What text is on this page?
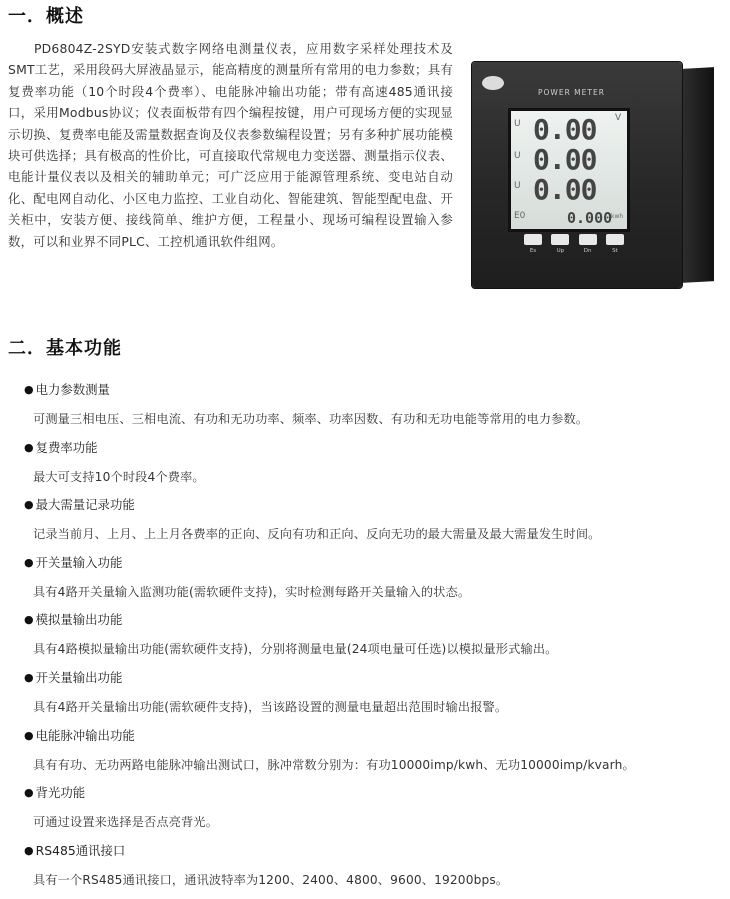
一．概述

PD6804Z-2SYD安装式数字网络电测量仪表，应用数字采样处理技术及SMT工艺，采用段码大屏液晶显示，能高精度的测量所有常用的电力参数；具有复费率功能（10个时段4个费率）、电能脉冲输出功能；带有高速485通讯接口，采用Modbus协议；仪表面板带有四个编程按键，用户可现场方便的实现显示切换、复费率电能及需量数据查询及仪表参数编程设置；另有多种扩展功能模块可供选择；具有极高的性价比，可直接取代常规电力变送器、测量指示仪表、电能计量仪表以及相关的辅助单元；可广泛应用于能源管理系统、变电站自动化、配电网自动化、小区电力监控、工业自动化、智能建筑、智能型配电盘、开关柜中，安装方便、接线简单、维护方便，工程量小、现场可编程设置输入参数，可以和业界不同PLC、工控机通讯软件组网。

POWER METER
U 0.00 V
U 0.00
U 0.00
E0	0.000
kwh
Es	Up	Dn	St
二．基本功能
● 电力参数测量
可测量三相电压、三相电流、有功和无功功率、频率、功率因数、有功和无功电能等常用的电力参数。
● 复费率功能
最大可支持10个时段4个费率。
● 最大需量记录功能
记录当前月、上月、上上月各费率的正向、反向有功和正向、反向无功的最大需量及最大需量发生时间。
● 开关量输入功能
具有4路开关量输入监测功能(需软硬件支持)，实时检测每路开关量输入的状态。
● 模拟量输出功能
具有4路模拟量输出功能(需软硬件支持)，分别将测量电量(24项电量可任选)以模拟量形式输出。
● 开关量输出功能
具有4路开关量输出功能(需软硬件支持)，当该路设置的测量电量超出范围时输出报警。
● 电能脉冲输出功能
具有有功、无功两路电能脉冲输出测试口，脉冲常数分别为：有功10000imp/kwh、无功10000imp/kvarh。
● 背光功能
可通过设置来选择是否点亮背光。
● RS485通讯接口
具有一个RS485通讯接口，通讯波特率为1200、2400、4800、9600、19200bps。
